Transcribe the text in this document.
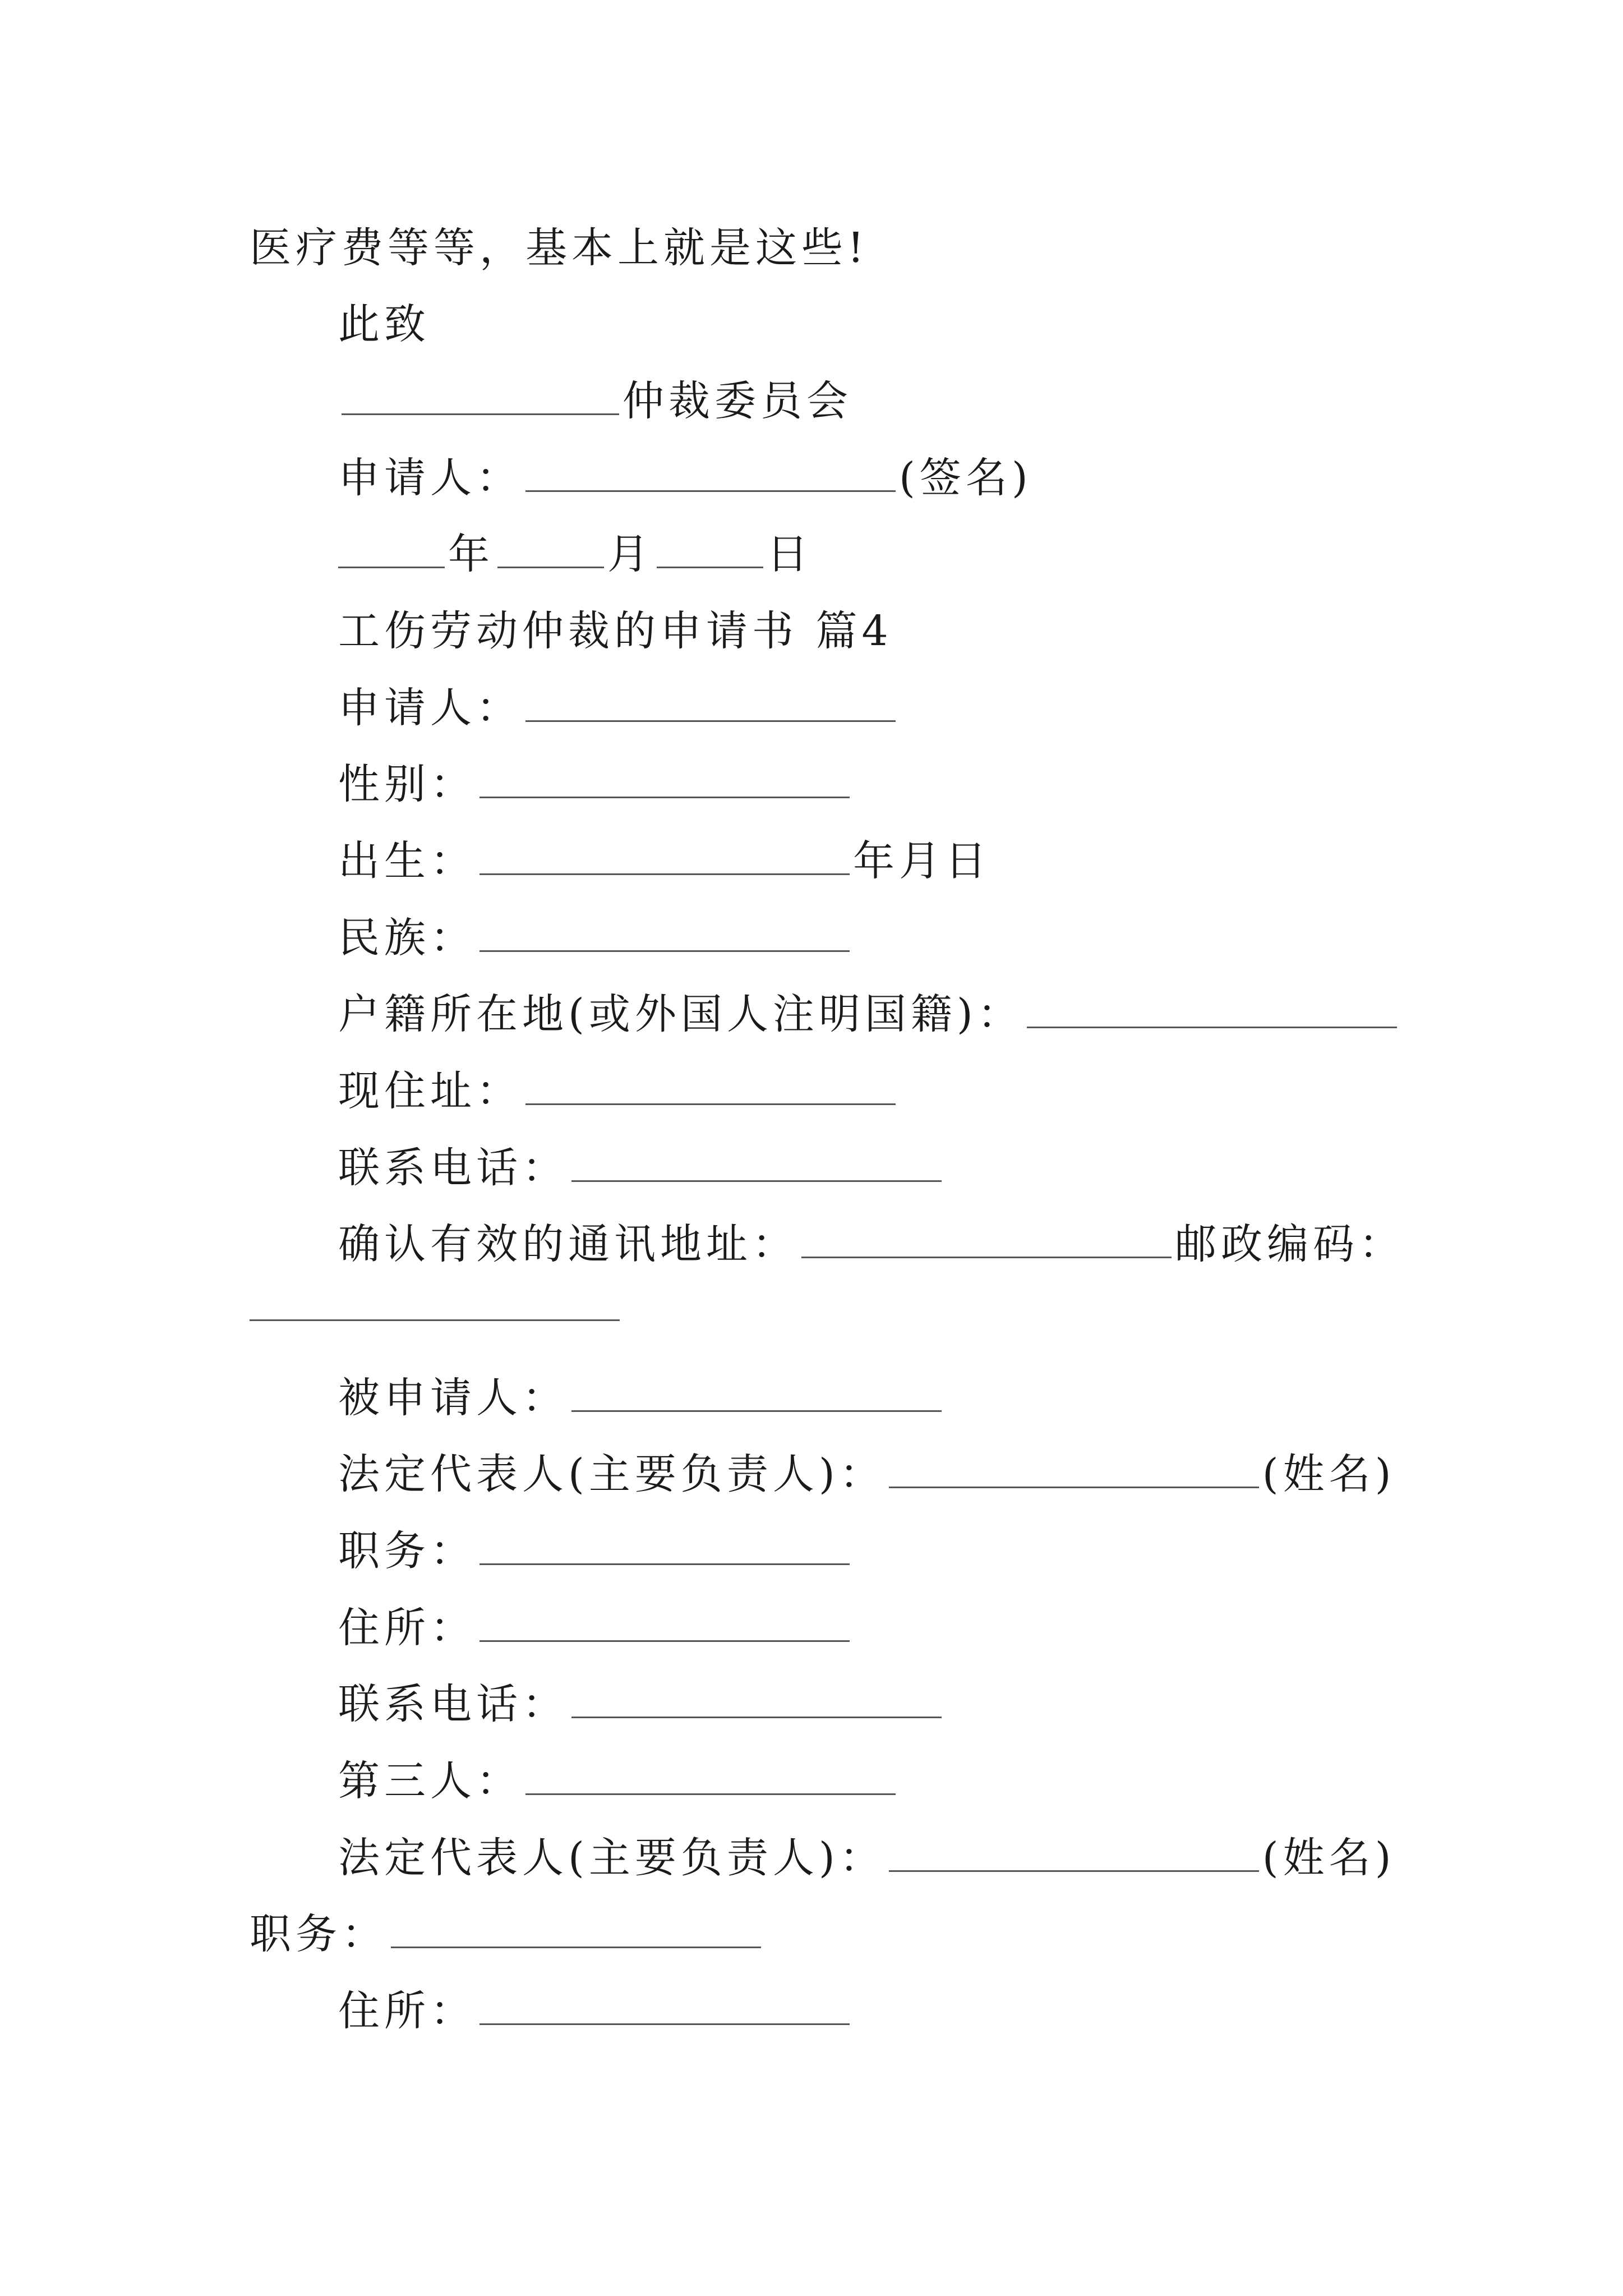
医疗费等等，基本上就是这些!
此致
仲裁委员会
申请人：	(签名)
年	月	日
工伤劳动仲裁的申请书 篇4
申请人：
性别：
出生：	年月日
民族：
户籍所在地(或外国人注明国籍)：
现住址：
联系电话：
确认有效的通讯地址：	邮政编码：
被申请人：
法定代表人(主要负责人)：	(姓名)
职务：
住所：
联系电话：
第三人：
法定代表人(主要负责人)：	(姓名)
职务：
住所：
